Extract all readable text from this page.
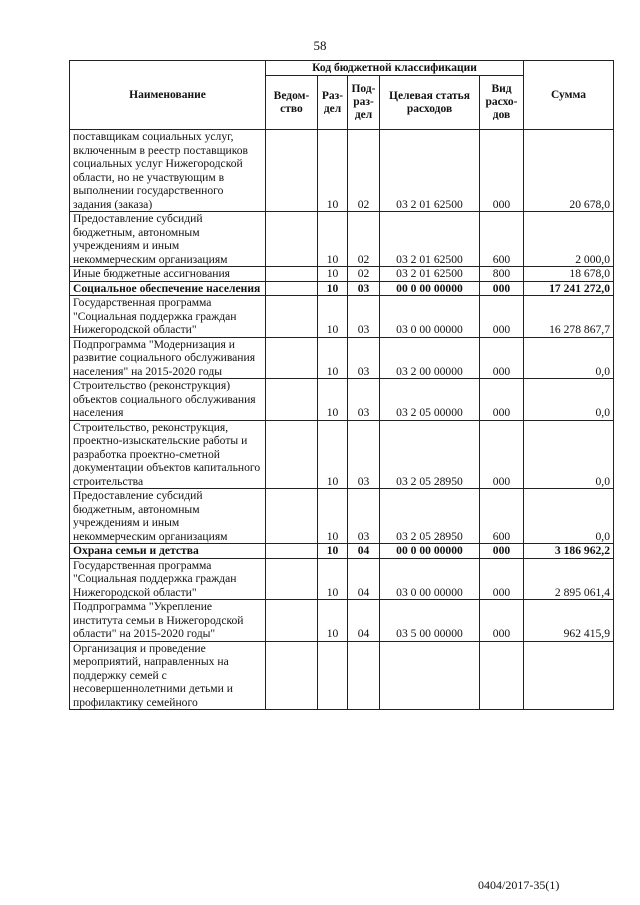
58
Наименование	Код бюджетной классификации					Сумма
	Ведом-ство	Раз-дел	Под-раз-дел	Целевая статья расходов	Вид расхо-дов	
поставщикам социальных услуг, включенным в реестр поставщиков социальных услуг Нижегородской области, но не участвующим в выполнении государственного задания (заказа)		10	02	03 2 01 62500	000	20 678,0
Предоставление субсидий бюджетным, автономным учреждениям и иным некоммерческим организациям		10	02	03 2 01 62500	600	2 000,0
Иные бюджетные ассигнования		10	02	03 2 01 62500	800	18 678,0
Социальное обеспечение населения		10	03	00 0 00 00000	000	17 241 272,0
Государственная программа "Социальная поддержка граждан Нижегородской области"		10	03	03 0 00 00000	000	16 278 867,7
Подпрограмма "Модернизация и развитие социального обслуживания населения" на 2015-2020 годы		10	03	03 2 00 00000	000	0,0
Строительство (реконструкция) объектов социального обслуживания населения		10	03	03 2 05 00000	000	0,0
Строительство, реконструкция, проектно-изыскательские работы и разработка проектно-сметной документации объектов капитального строительства		10	03	03 2 05 28950	000	0,0
Предоставление субсидий бюджетным, автономным учреждениям и иным некоммерческим организациям		10	03	03 2 05 28950	600	0,0
Охрана семьи и детства		10	04	00 0 00 00000	000	3 186 962,2
Государственная программа "Социальная поддержка граждан Нижегородской области"		10	04	03 0 00 00000	000	2 895 061,4
Подпрограмма "Укрепление института семьи в Нижегородской области" на 2015-2020 годы"		10	04	03 5 00 00000	000	962 415,9
Организация и проведение мероприятий, направленных на поддержку семей с несовершеннолетними детьми и профилактику семейного						
0404/2017-35(1)
